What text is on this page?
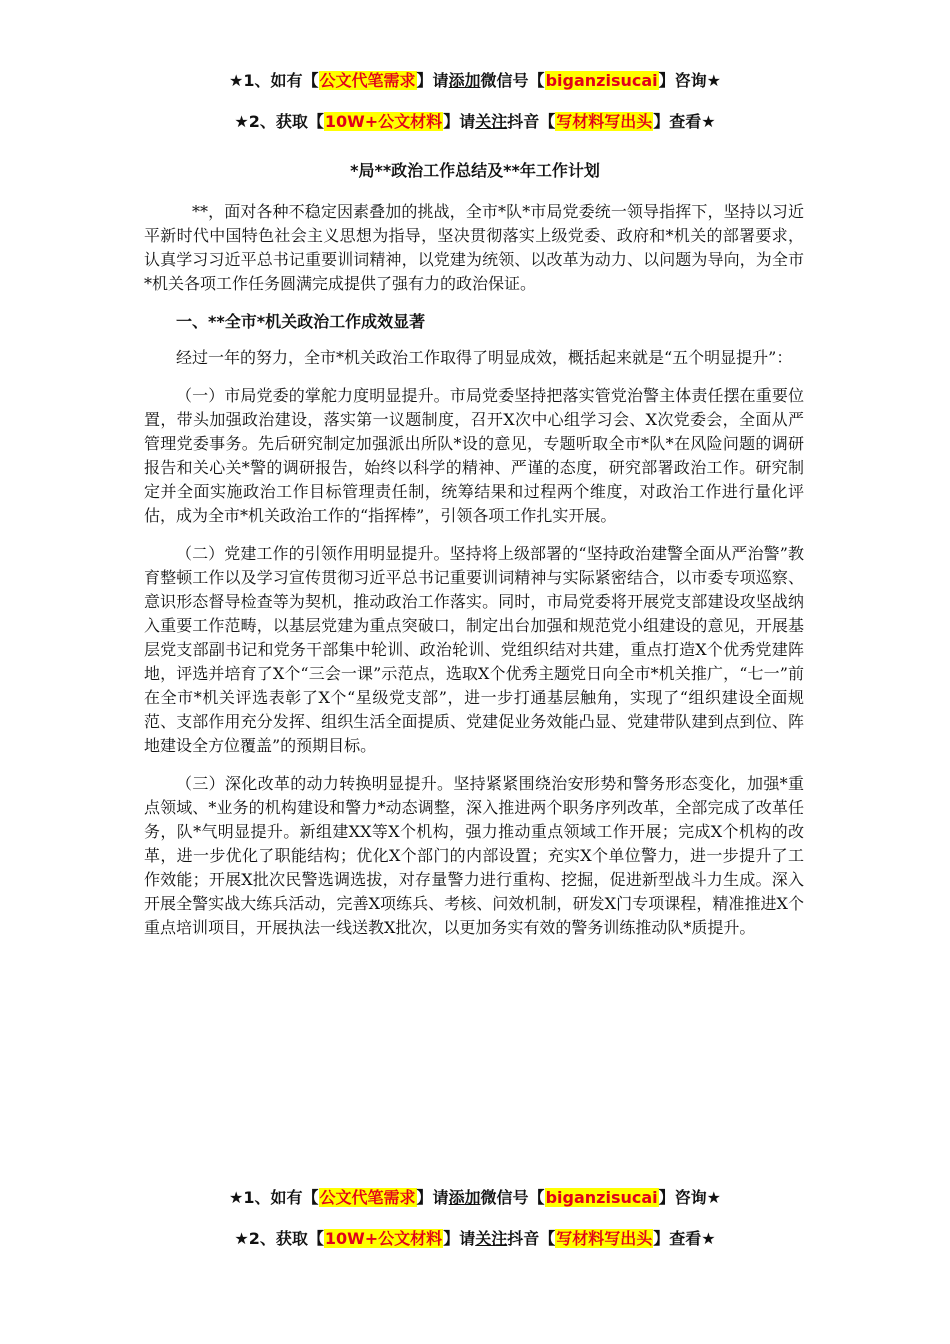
★1、如有【公文代笔需求】请添加微信号【biganzisucai】咨询★
★2、获取【10W+公文材料】请关注抖音【写材料写出头】查看★
*局**政治工作总结及**年工作计划

**，面对各种不稳定因素叠加的挑战，全市*队*市局党委统一领导指挥下，坚持以习近平新时代中国特色社会主义思想为指导，坚决贯彻落实上级党委、政府和*机关的部署要求，认真学习习近平总书记重要训词精神，以党建为统领、以改革为动力、以问题为导向，为全市*机关各项工作任务圆满完成提供了强有力的政治保证。

一、**全市*机关政治工作成效显著

经过一年的努力，全市*机关政治工作取得了明显成效，概括起来就是“五个明显提升”：

（一）市局党委的掌舵力度明显提升。市局党委坚持把落实管党治警主体责任摆在重要位置，带头加强政治建设，落实第一议题制度，召开X次中心组学习会、X次党委会，全面从严管理党委事务。先后研究制定加强派出所队*设的意见，专题听取全市*队*在风险问题的调研报告和关心关*警的调研报告，始终以科学的精神、严谨的态度，研究部署政治工作。研究制定并全面实施政治工作目标管理责任制，统筹结果和过程两个维度，对政治工作进行量化评估，成为全市*机关政治工作的“指挥棒”，引领各项工作扎实开展。

（二）党建工作的引领作用明显提升。坚持将上级部署的“坚持政治建警全面从严治警”教育整顿工作以及学习宣传贯彻习近平总书记重要训词精神与实际紧密结合，以市委专项巡察、意识形态督导检查等为契机，推动政治工作落实。同时，市局党委将开展党支部建设攻坚战纳入重要工作范畴，以基层党建为重点突破口，制定出台加强和规范党小组建设的意见，开展基层党支部副书记和党务干部集中轮训、政治轮训、党组织结对共建，重点打造X个优秀党建阵地，评选并培育了X个“三会一课”示范点，选取X个优秀主题党日向全市*机关推广，“七一”前在全市*机关评选表彰了X个“星级党支部”，进一步打通基层触角，实现了“组织建设全面规范、支部作用充分发挥、组织生活全面提质、党建促业务效能凸显、党建带队建到点到位、阵地建设全方位覆盖”的预期目标。

（三）深化改革的动力转换明显提升。坚持紧紧围绕治安形势和警务形态变化，加强*重点领域、*业务的机构建设和警力*动态调整，深入推进两个职务序列改革，全部完成了改革任务，队*气明显提升。新组建XX等X个机构，强力推动重点领域工作开展；完成X个机构的改革，进一步优化了职能结构；优化X个部门的内部设置；充实X个单位警力，进一步提升了工作效能；开展X批次民警选调选拔，对存量警力进行重构、挖掘，促进新型战斗力生成。深入开展全警实战大练兵活动，完善X项练兵、考核、问效机制，研发X门专项课程，精准推进X个重点培训项目，开展执法一线送教X批次，以更加务实有效的警务训练推动队*质提升。

★1、如有【公文代笔需求】请添加微信号【biganzisucai】咨询★
★2、获取【10W+公文材料】请关注抖音【写材料写出头】查看★
